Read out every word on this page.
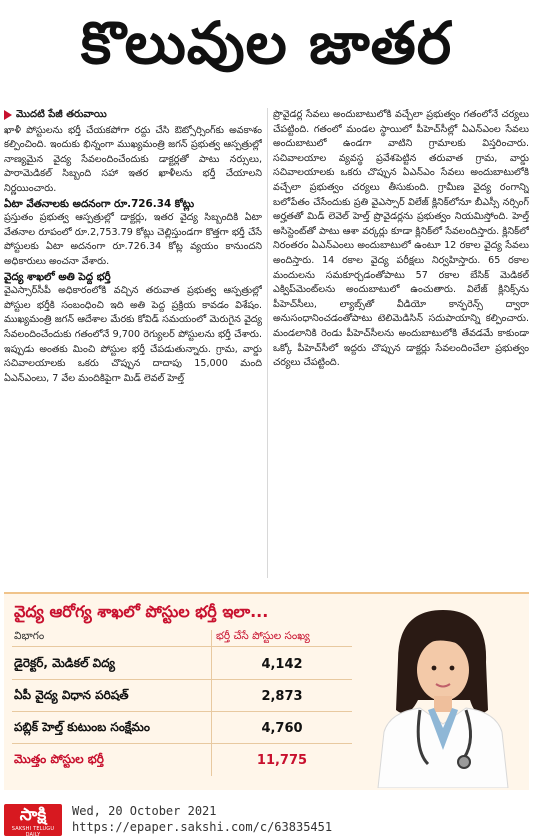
కొలువుల జాతర
మొదటి పేజీ తరువాయి

ఖాళీ పోస్టులను భర్తీ చేయకపోగా రద్దు చేసి ఔట్సోర్సింగ్‌కు అవకాశం కల్పించింది. ఇందుకు భిన్నంగా ముఖ్యమంత్రి జగన్ ప్రభుత్వ ఆస్పత్రుల్లో నాణ్యమైన వైద్య సేవలందించేందుకు డాక్టర్లతో పాటు నర్సులు, పారామెడికల్ సిబ్బంది సహా ఇతర ఖాళీలను భర్తీ చేయాలని నిర్ణయించారు.

ఏటా వేతనాలకు అదనంగా రూ.726.34 కోట్లు

ప్రస్తుతం ప్రభుత్వ ఆస్పత్రుల్లో డాక్టర్లు, ఇతర వైద్య సిబ్బందికి ఏటా వేతనాల రూపంలో రూ.2,753.79 కోట్లు చెల్లిస్తుండగా కొత్తగా భర్తీ చేసే పోస్టులకు ఏటా అదనంగా రూ.726.34 కోట్ల వ్యయం కానుందని అధికారులు అంచనా వేశారు.

వైద్య శాఖలో అతి పెద్ద భర్తీ

వైఎస్సార్‌సీపీ అధికారంలోకి వచ్చిన తరువాత ప్రభుత్వ ఆస్పత్రుల్లో పోస్టుల భర్తీకి సంబంధించి ఇది అతి పెద్ద ప్రక్రియ కావడం విశేషం. ముఖ్యమంత్రి జగన్ ఆదేశాల మేరకు కోవిడ్ సమయంలో మెరుగైన వైద్య సేవలందించేందుకు గతంలోనే 9,700 రెగ్యులర్ పోస్టులను భర్తీ చేశారు. ఇప్పుడు అంతకు మించి పోస్టుల భర్తీ చేపడుతున్నారు. గ్రామ, వార్డు సచివాలయాలకు ఒకరు చొప్పున దాదాపు 15,000 మంది ఏఎన్‌ఎంలు, 7 వేల మందికిపైగా మిడ్ లెవల్ హెల్త్

ప్రొవైడర్ల సేవలు అందుబాటులోకి వచ్చేలా ప్రభుత్వం గతంలోనే చర్యలు చేపట్టింది. గతంలో మండల స్థాయిలో పీహెచ్‌సీల్లో ఏఎన్‌ఎంల సేవలు అందుబాటులో ఉండగా వాటిని గ్రామాలకు విస్తరించారు. సచివాలయాల వ్యవస్థ ప్రవేశపెట్టిన తరువాత గ్రామ, వార్డు సచివాలయాలకు ఒకరు చొప్పున ఏఎన్‌ఎం సేవలు అందుబాటులోకి వచ్చేలా ప్రభుత్వం చర్యలు తీసుకుంది. గ్రామీణ వైద్య రంగాన్ని బలోపేతం చేసేందుకు ప్రతి వైఎస్సార్ విలేజ్ క్లినిక్‌లోనూ బీఎస్సీ నర్సింగ్ అర్హతతో మిడ్ లెవెల్ హెల్త్ ప్రొవైడర్లను ప్రభుత్వం నియమిస్తోంది. హెల్త్ అసిస్టెంట్‌తో పాటు ఆశా వర్కర్లు కూడా క్లినిక్‌లో సేవలందిస్తారు. క్లినిక్‌లో నిరంతరం ఏఎన్‌ఎంలు అందుబాటులో ఉంటూ 12 రకాల వైద్య సేవలు అందిస్తారు. 14 రకాల వైద్య పరీక్షలు నిర్వహిస్తారు. 65 రకాల మందులను సమకూర్చడంతోపాటు 57 రకాల బేసిక్ మెడికల్ ఎక్విప్‌మెంట్‌లను అందుబాటులో ఉంచుతారు. విలేజ్ క్లినిక్స్‌ను పీహెచ్‌సీలు, ల్యాబ్స్‌తో వీడియో కాన్ఫరెన్స్ ద్వారా అనుసంధానించడంతోపాటు టెలిమెడిసిన్ సదుపాయాన్ని కల్పించారు. మండలానికి రెండు పీహెచ్‌సీలను అందుబాటులోకి తేవడమే కాకుండా ఒక్కో పీహెచ్‌సీలో ఇద్దరు చొప్పున డాక్టర్లు సేవలందించేలా ప్రభుత్వం చర్యలు చేపట్టింది.

వైద్య ఆరోగ్య శాఖలో పోస్టుల భర్తీ ఇలా...
విభాగం	భర్తీ చేసే పోస్టుల సంఖ్య
డైరెక్టర్, మెడికల్ విద్య	4,142
ఏపీ వైద్య విధాన పరిషత్	2,873
పబ్లిక్ హెల్త్ కుటుంబ సంక్షేమం	4,760
మొత్తం పోస్టుల భర్తీ	11,775
సాక్షి
SAKSHI TELUGU DAILY
Wed, 20 October 2021
https://epaper.sakshi.com/c/63835451
